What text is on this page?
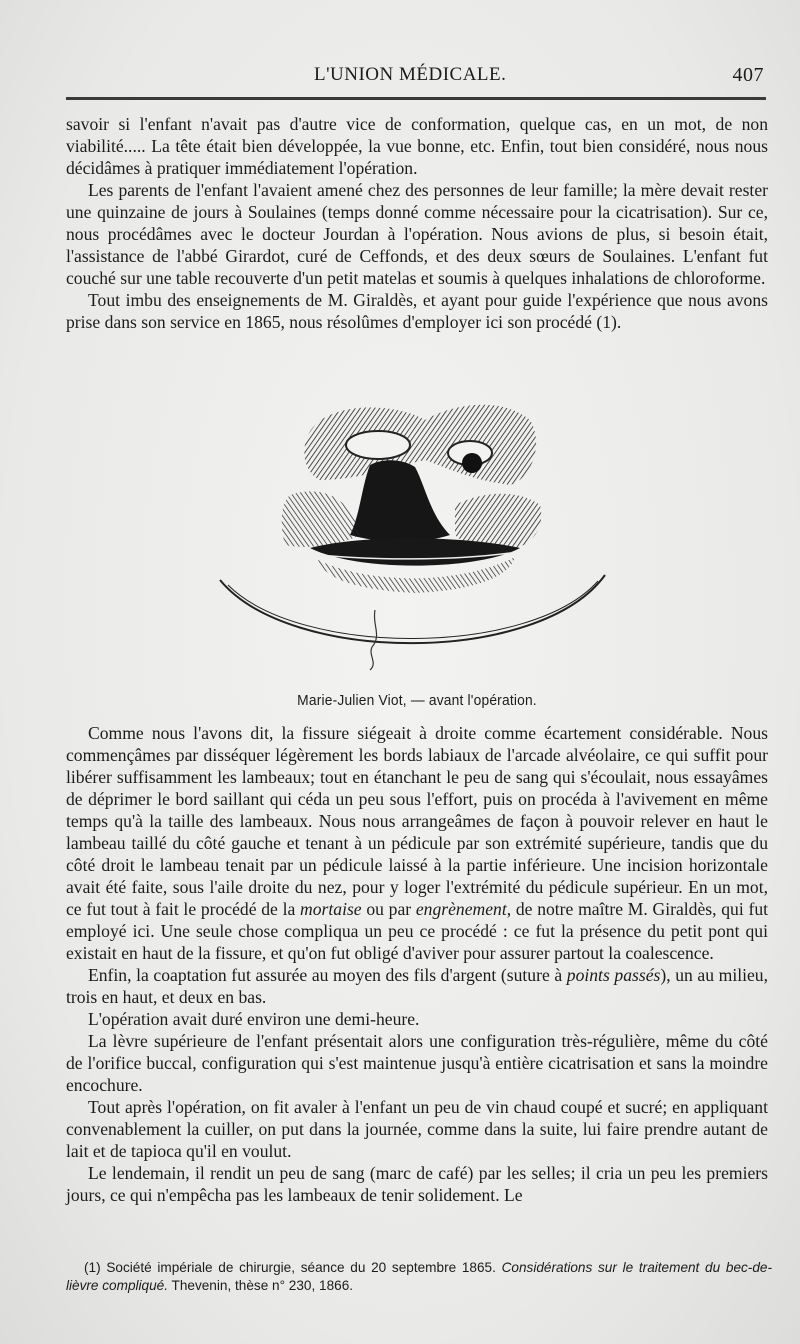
L'UNION MÉDICALE.	407

savoir si l'enfant n'avait pas d'autre vice de conformation, quelque cas, en un mot, de non viabilité..... La tête était bien développée, la vue bonne, etc. Enfin, tout bien considéré, nous nous décidâmes à pratiquer immédiatement l'opération.

Les parents de l'enfant l'avaient amené chez des personnes de leur famille; la mère devait rester une quinzaine de jours à Soulaines (temps donné comme nécessaire pour la cicatrisation). Sur ce, nous procédâmes avec le docteur Jourdan à l'opération. Nous avions de plus, si besoin était, l'assistance de l'abbé Girardot, curé de Ceffonds, et des deux sœurs de Soulaines. L'enfant fut couché sur une table recouverte d'un petit matelas et soumis à quelques inhalations de chloroforme.

Tout imbu des enseignements de M. Giraldès, et ayant pour guide l'expérience que nous avons prise dans son service en 1865, nous résolûmes d'employer ici son procédé (1).

Marie-Julien Viot, — avant l'opération.

Comme nous l'avons dit, la fissure siégeait à droite comme écartement considérable. Nous commençâmes par disséquer légèrement les bords labiaux de l'arcade alvéolaire, ce qui suffit pour libérer suffisamment les lambeaux; tout en étanchant le peu de sang qui s'écoulait, nous essayâmes de déprimer le bord saillant qui céda un peu sous l'effort, puis on procéda à l'avivement en même temps qu'à la taille des lambeaux. Nous nous arrangeâmes de façon à pouvoir relever en haut le lambeau taillé du côté gauche et tenant à un pédicule par son extrémité supérieure, tandis que du côté droit le lambeau tenait par un pédicule laissé à la partie inférieure. Une incision horizontale avait été faite, sous l'aile droite du nez, pour y loger l'extrémité du pédicule supérieur. En un mot, ce fut tout à fait le procédé de la mortaise ou par engrènement, de notre maître M. Giraldès, qui fut employé ici. Une seule chose compliqua un peu ce procédé : ce fut la présence du petit pont qui existait en haut de la fissure, et qu'on fut obligé d'aviver pour assurer partout la coalescence.

Enfin, la coaptation fut assurée au moyen des fils d'argent (suture à points passés), un au milieu, trois en haut, et deux en bas.

L'opération avait duré environ une demi-heure.

La lèvre supérieure de l'enfant présentait alors une configuration très-régulière, même du côté de l'orifice buccal, configuration qui s'est maintenue jusqu'à entière cicatrisation et sans la moindre encochure.

Tout après l'opération, on fit avaler à l'enfant un peu de vin chaud coupé et sucré; en appliquant convenablement la cuiller, on put dans la journée, comme dans la suite, lui faire prendre autant de lait et de tapioca qu'il en voulut.

Le lendemain, il rendit un peu de sang (marc de café) par les selles; il cria un peu les premiers jours, ce qui n'empêcha pas les lambeaux de tenir solidement. Le

(1) Société impériale de chirurgie, séance du 20 septembre 1865. Considérations sur le traitement du bec-de-lièvre compliqué. Thevenin, thèse n° 230, 1866.
